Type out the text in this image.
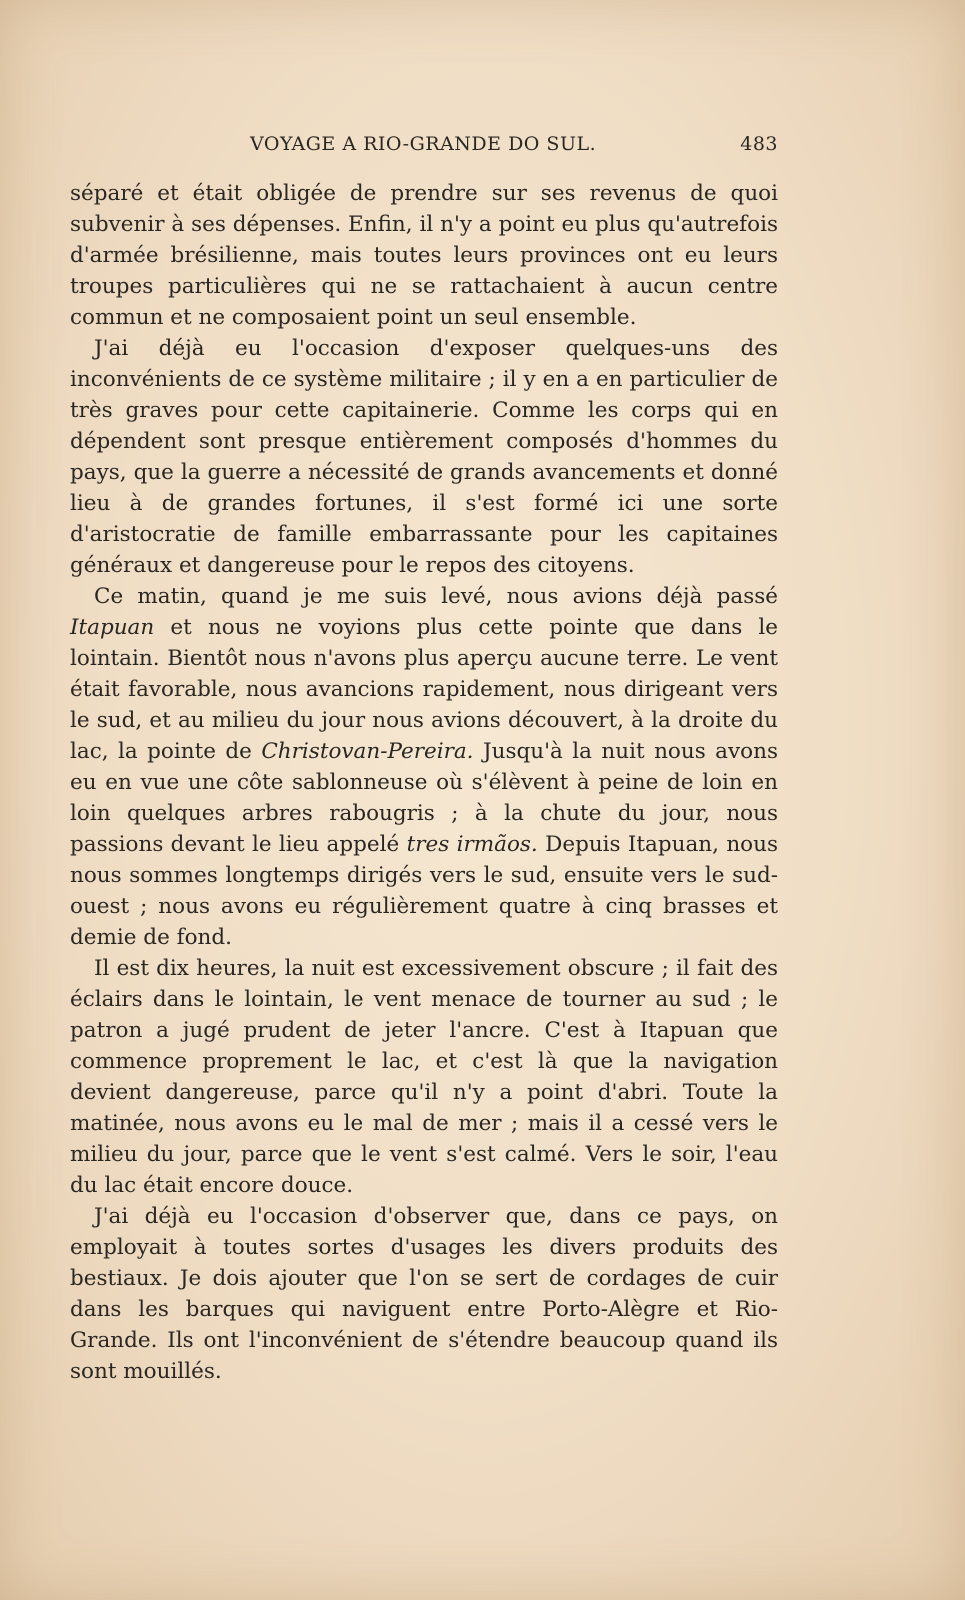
VOYAGE A RIO-GRANDE DO SUL.	483

séparé et était obligée de prendre sur ses revenus de quoi subvenir à ses dépenses. Enfin, il n'y a point eu plus qu'autrefois d'armée brésilienne, mais toutes leurs provinces ont eu leurs troupes particulières qui ne se rattachaient à aucun centre commun et ne composaient point un seul ensemble.

J'ai déjà eu l'occasion d'exposer quelques-uns des inconvénients de ce système militaire ; il y en a en particulier de très graves pour cette capitainerie. Comme les corps qui en dépendent sont presque entièrement composés d'hommes du pays, que la guerre a nécessité de grands avancements et donné lieu à de grandes fortunes, il s'est formé ici une sorte d'aristocratie de famille embarrassante pour les capitaines généraux et dangereuse pour le repos des citoyens.

Ce matin, quand je me suis levé, nous avions déjà passé Itapuan et nous ne voyions plus cette pointe que dans le lointain. Bientôt nous n'avons plus aperçu aucune terre. Le vent était favorable, nous avancions rapidement, nous dirigeant vers le sud, et au milieu du jour nous avions découvert, à la droite du lac, la pointe de Christovan-Pereira. Jusqu'à la nuit nous avons eu en vue une côte sablonneuse où s'élèvent à peine de loin en loin quelques arbres rabougris ; à la chute du jour, nous passions devant le lieu appelé tres irmãos. Depuis Itapuan, nous nous sommes longtemps dirigés vers le sud, ensuite vers le sud-ouest ; nous avons eu régulièrement quatre à cinq brasses et demie de fond.

Il est dix heures, la nuit est excessivement obscure ; il fait des éclairs dans le lointain, le vent menace de tourner au sud ; le patron a jugé prudent de jeter l'ancre. C'est à Itapuan que commence proprement le lac, et c'est là que la navigation devient dangereuse, parce qu'il n'y a point d'abri. Toute la matinée, nous avons eu le mal de mer ; mais il a cessé vers le milieu du jour, parce que le vent s'est calmé. Vers le soir, l'eau du lac était encore douce.

J'ai déjà eu l'occasion d'observer que, dans ce pays, on employait à toutes sortes d'usages les divers produits des bestiaux. Je dois ajouter que l'on se sert de cordages de cuir dans les barques qui naviguent entre Porto-Alègre et Rio-Grande. Ils ont l'inconvénient de s'étendre beaucoup quand ils sont mouillés.
